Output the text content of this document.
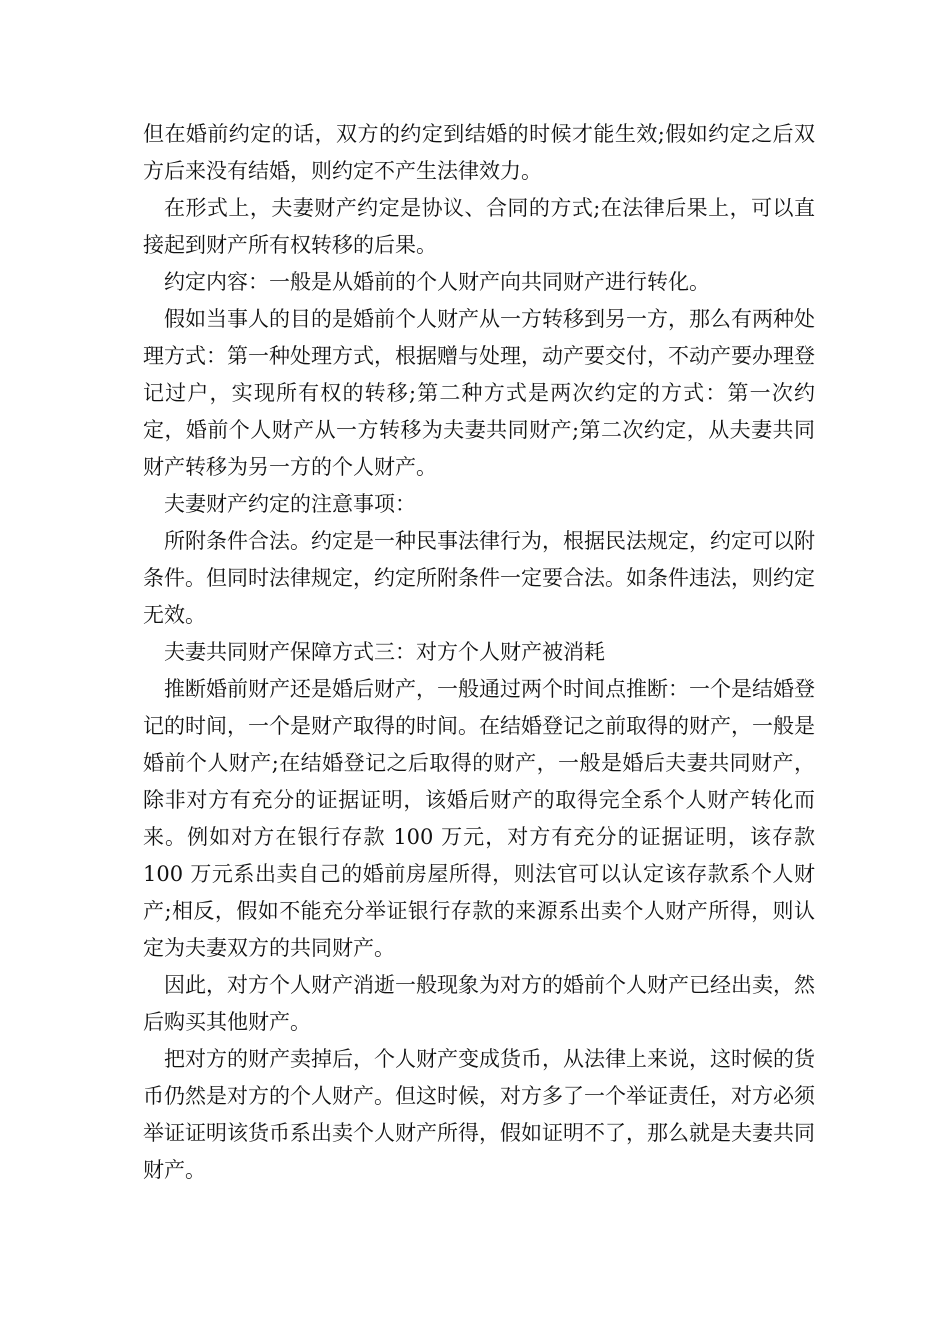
但在婚前约定的话，双方的约定到结婚的时候才能生效;假如约定之后双方后来没有结婚，则约定不产生法律效力。

在形式上，夫妻财产约定是协议、合同的方式;在法律后果上，可以直接起到财产所有权转移的后果。

约定内容：一般是从婚前的个人财产向共同财产进行转化。

假如当事人的目的是婚前个人财产从一方转移到另一方，那么有两种处理方式：第一种处理方式，根据赠与处理，动产要交付，不动产要办理登记过户，实现所有权的转移;第二种方式是两次约定的方式：第一次约定，婚前个人财产从一方转移为夫妻共同财产;第二次约定，从夫妻共同财产转移为另一方的个人财产。

夫妻财产约定的注意事项：

所附条件合法。约定是一种民事法律行为，根据民法规定，约定可以附条件。但同时法律规定，约定所附条件一定要合法。如条件违法，则约定无效。

夫妻共同财产保障方式三：对方个人财产被消耗

推断婚前财产还是婚后财产，一般通过两个时间点推断：一个是结婚登记的时间，一个是财产取得的时间。在结婚登记之前取得的财产，一般是婚前个人财产;在结婚登记之后取得的财产，一般是婚后夫妻共同财产，除非对方有充分的证据证明，该婚后财产的取得完全系个人财产转化而来。例如对方在银行存款 100 万元，对方有充分的证据证明，该存款 100 万元系出卖自己的婚前房屋所得，则法官可以认定该存款系个人财产;相反，假如不能充分举证银行存款的来源系出卖个人财产所得，则认定为夫妻双方的共同财产。

因此，对方个人财产消逝一般现象为对方的婚前个人财产已经出卖，然后购买其他财产。

把对方的财产卖掉后，个人财产变成货币，从法律上来说，这时候的货币仍然是对方的个人财产。但这时候，对方多了一个举证责任，对方必须举证证明该货币系出卖个人财产所得，假如证明不了，那么就是夫妻共同财产。
